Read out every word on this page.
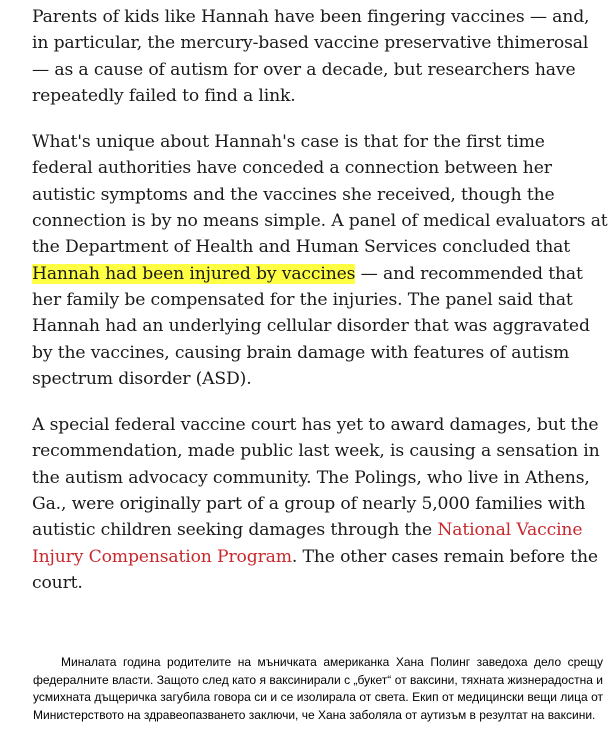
Parents of kids like Hannah have been fingering vaccines — and, in particular, the mercury-based vaccine preservative thimerosal — as a cause of autism for over a decade, but researchers have repeatedly failed to find a link.

What's unique about Hannah's case is that for the first time federal authorities have conceded a connection between her autistic symptoms and the vaccines she received, though the connection is by no means simple. A panel of medical evaluators at the Department of Health and Human Services concluded that Hannah had been injured by vaccines — and recommended that her family be compensated for the injuries. The panel said that Hannah had an underlying cellular disorder that was aggravated by the vaccines, causing brain damage with features of autism spectrum disorder (ASD).

A special federal vaccine court has yet to award damages, but the recommendation, made public last week, is causing a sensation in the autism advocacy community. The Polings, who live in Athens, Ga., were originally part of a group of nearly 5,000 families with autistic children seeking damages through the National Vaccine Injury Compensation Program. The other cases remain before the court.

Миналата година родителите на мъничката американка Хана Полинг заведоха дело срещу федералните власти. Защото след като я ваксинирали с „букет“ от ваксини, тяхната жизнерадостна и усмихната дъщеричка загубила говора си и се изолирала от света. Екип от медицински вещи лица от Министерството на здравеопазването заключи, че Хана заболяла от аутизъм в резултат на ваксини.
